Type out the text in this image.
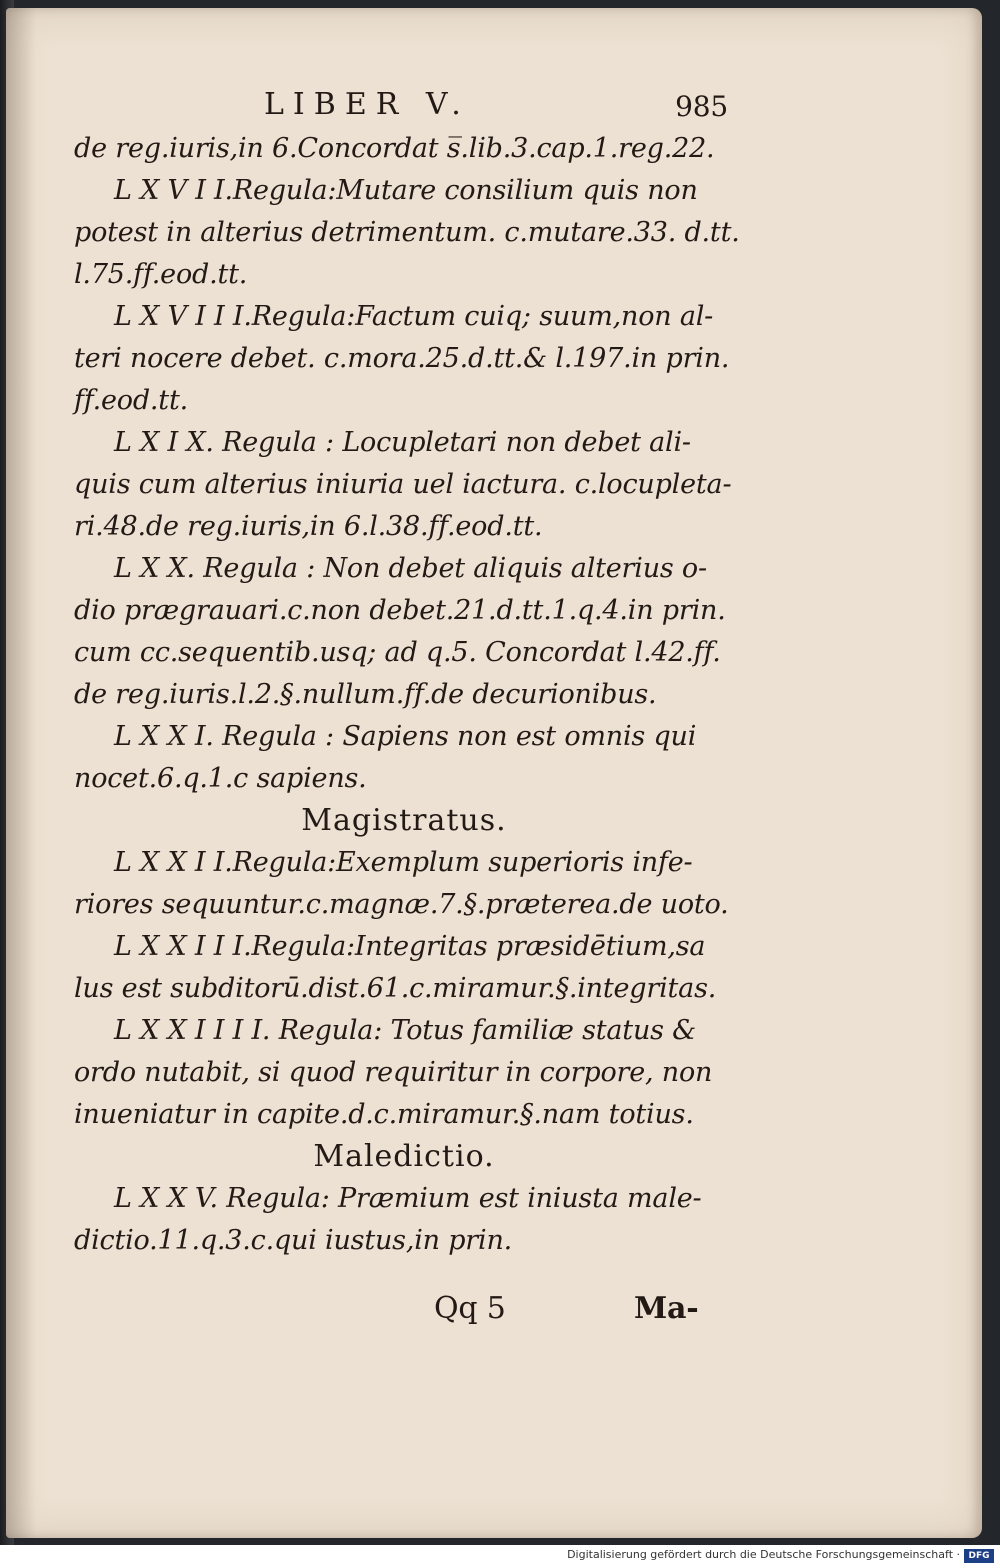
LIBER V.	985
de reg.iuris,in 6.Concordat s̅.lib.3.cap.1.reg.22.
L X V I I.Regula:Mutare consilium quis non
potest in alterius detrimentum. c.mutare.33. d.tt.
l.75.ff.eod.tt.
L X V I I I.Regula:Factum cuiq; suum,non al-
teri nocere debet. c.mora.25.d.tt.& l.197.in prin.
ff.eod.tt.
L X I X. Regula : Locupletari non debet ali-
quis cum alterius iniuria uel iactura. c.locupleta-
ri.48.de reg.iuris,in 6.l.38.ff.eod.tt.
L X X. Regula : Non debet aliquis alterius o-
dio prægrauari.c.non debet.21.d.tt.1.q.4.in prin.
cum cc.sequentib.usq; ad q.5. Concordat l.42.ff.
de reg.iuris.l.2.§.nullum.ff.de decurionibus.
L X X I. Regula : Sapiens non est omnis qui
nocet.6.q.1.c sapiens.
Magistratus.
L X X I I.Regula:Exemplum superioris infe-
riores sequuntur.c.magnæ.7.§.præterea.de uoto.
L X X I I I.Regula:Integritas præsidētium,sa
lus est subditorū.dist.61.c.miramur.§.integritas.
L X X I I I I. Regula: Totus familiæ status &
ordo nutabit, si quod requiritur in corpore, non
inueniatur in capite.d.c.miramur.§.nam totius.
Maledictio.
L X X V. Regula: Præmium est iniusta male-
dictio.11.q.3.c.qui iustus,in prin.
Qq 5	Ma-
Digitalisierung gefördert durch die Deutsche Forschungsgemeinschaft · DFG
